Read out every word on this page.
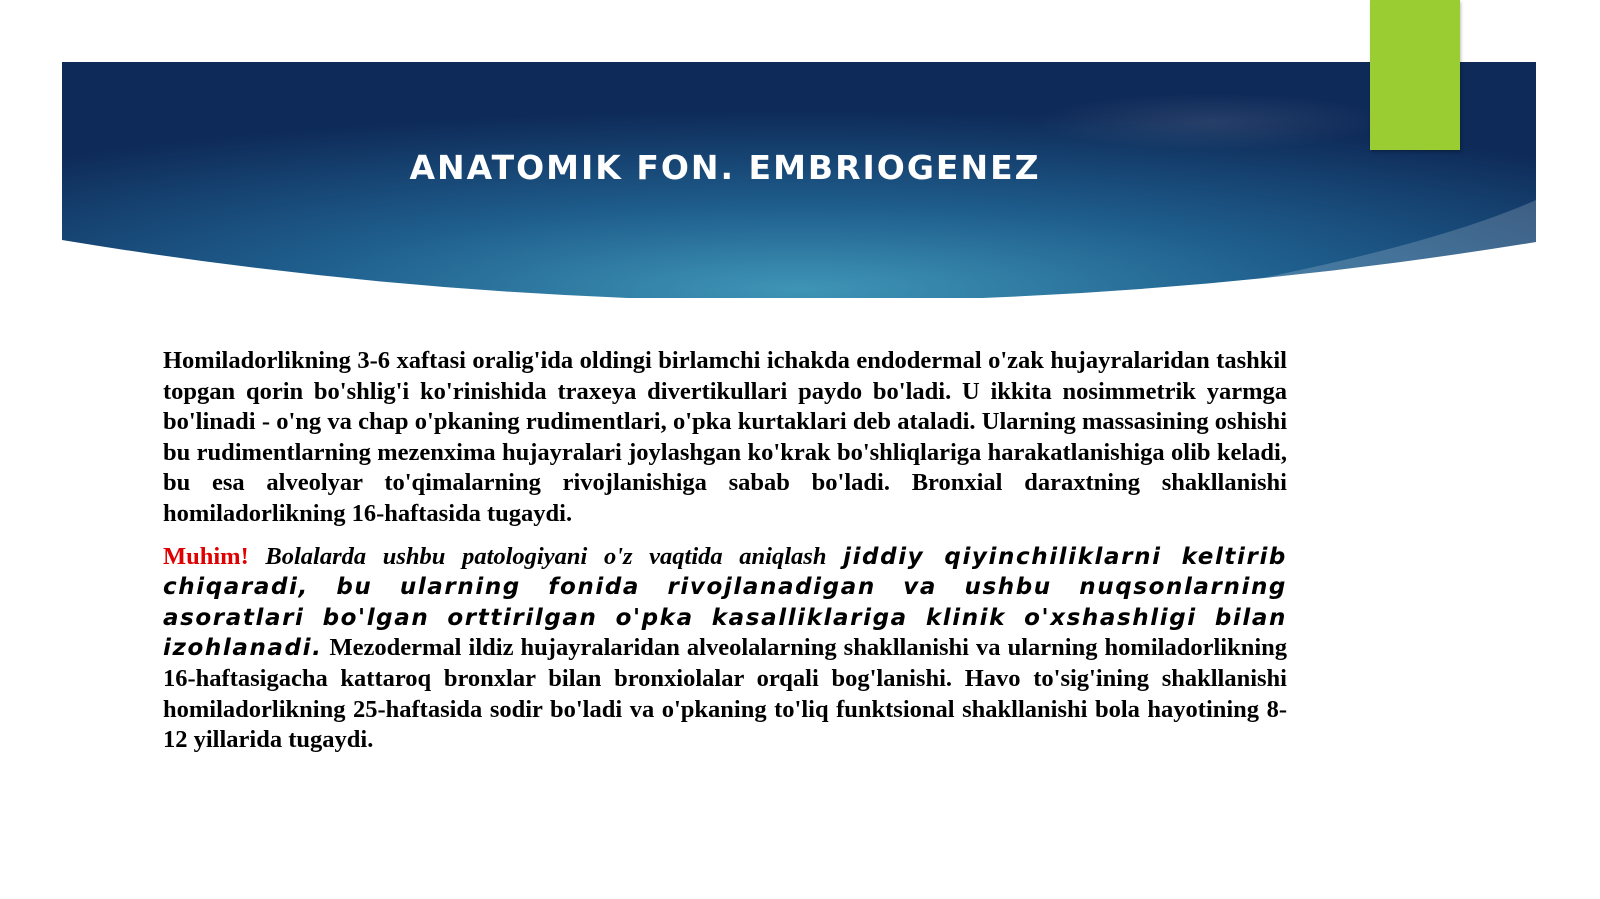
ANATOMIK FON. EMBRIOGENEZ

Homiladorlikning 3-6 xaftasi oralig'ida oldingi birlamchi ichakda endodermal o'zak hujayralaridan tashkil topgan qorin bo'shlig'i ko'rinishida traxeya divertikullari paydo bo'ladi. U ikkita nosimmetrik yarmga bo'linadi - o'ng va chap o'pkaning rudimentlari, o'pka kurtaklari deb ataladi. Ularning massasining oshishi bu rudimentlarning mezenxima hujayralari joylashgan ko'krak bo'shliqlariga harakatlanishiga olib keladi, bu esa alveolyar to'qimalarning rivojlanishiga sabab bo'ladi. Bronxial daraxtning shakllanishi homiladorlikning 16-haftasida tugaydi.

Muhim! Bolalarda ushbu patologiyani o'z vaqtida aniqlash jiddiy qiyinchiliklarni keltirib chiqaradi, bu ularning fonida rivojlanadigan va ushbu nuqsonlarning asoratlari bo'lgan orttirilgan o'pka kasalliklariga klinik o'xshashligi bilan izohlanadi. Mezodermal ildiz hujayralaridan alveolalarning shakllanishi va ularning homiladorlikning 16-haftasigacha kattaroq bronxlar bilan bronxiolalar orqali bog'lanishi. Havo to'sig'ining shakllanishi homiladorlikning 25-haftasida sodir bo'ladi va o'pkaning to'liq funktsional shakllanishi bola hayotining 8-12 yillarida tugaydi.
